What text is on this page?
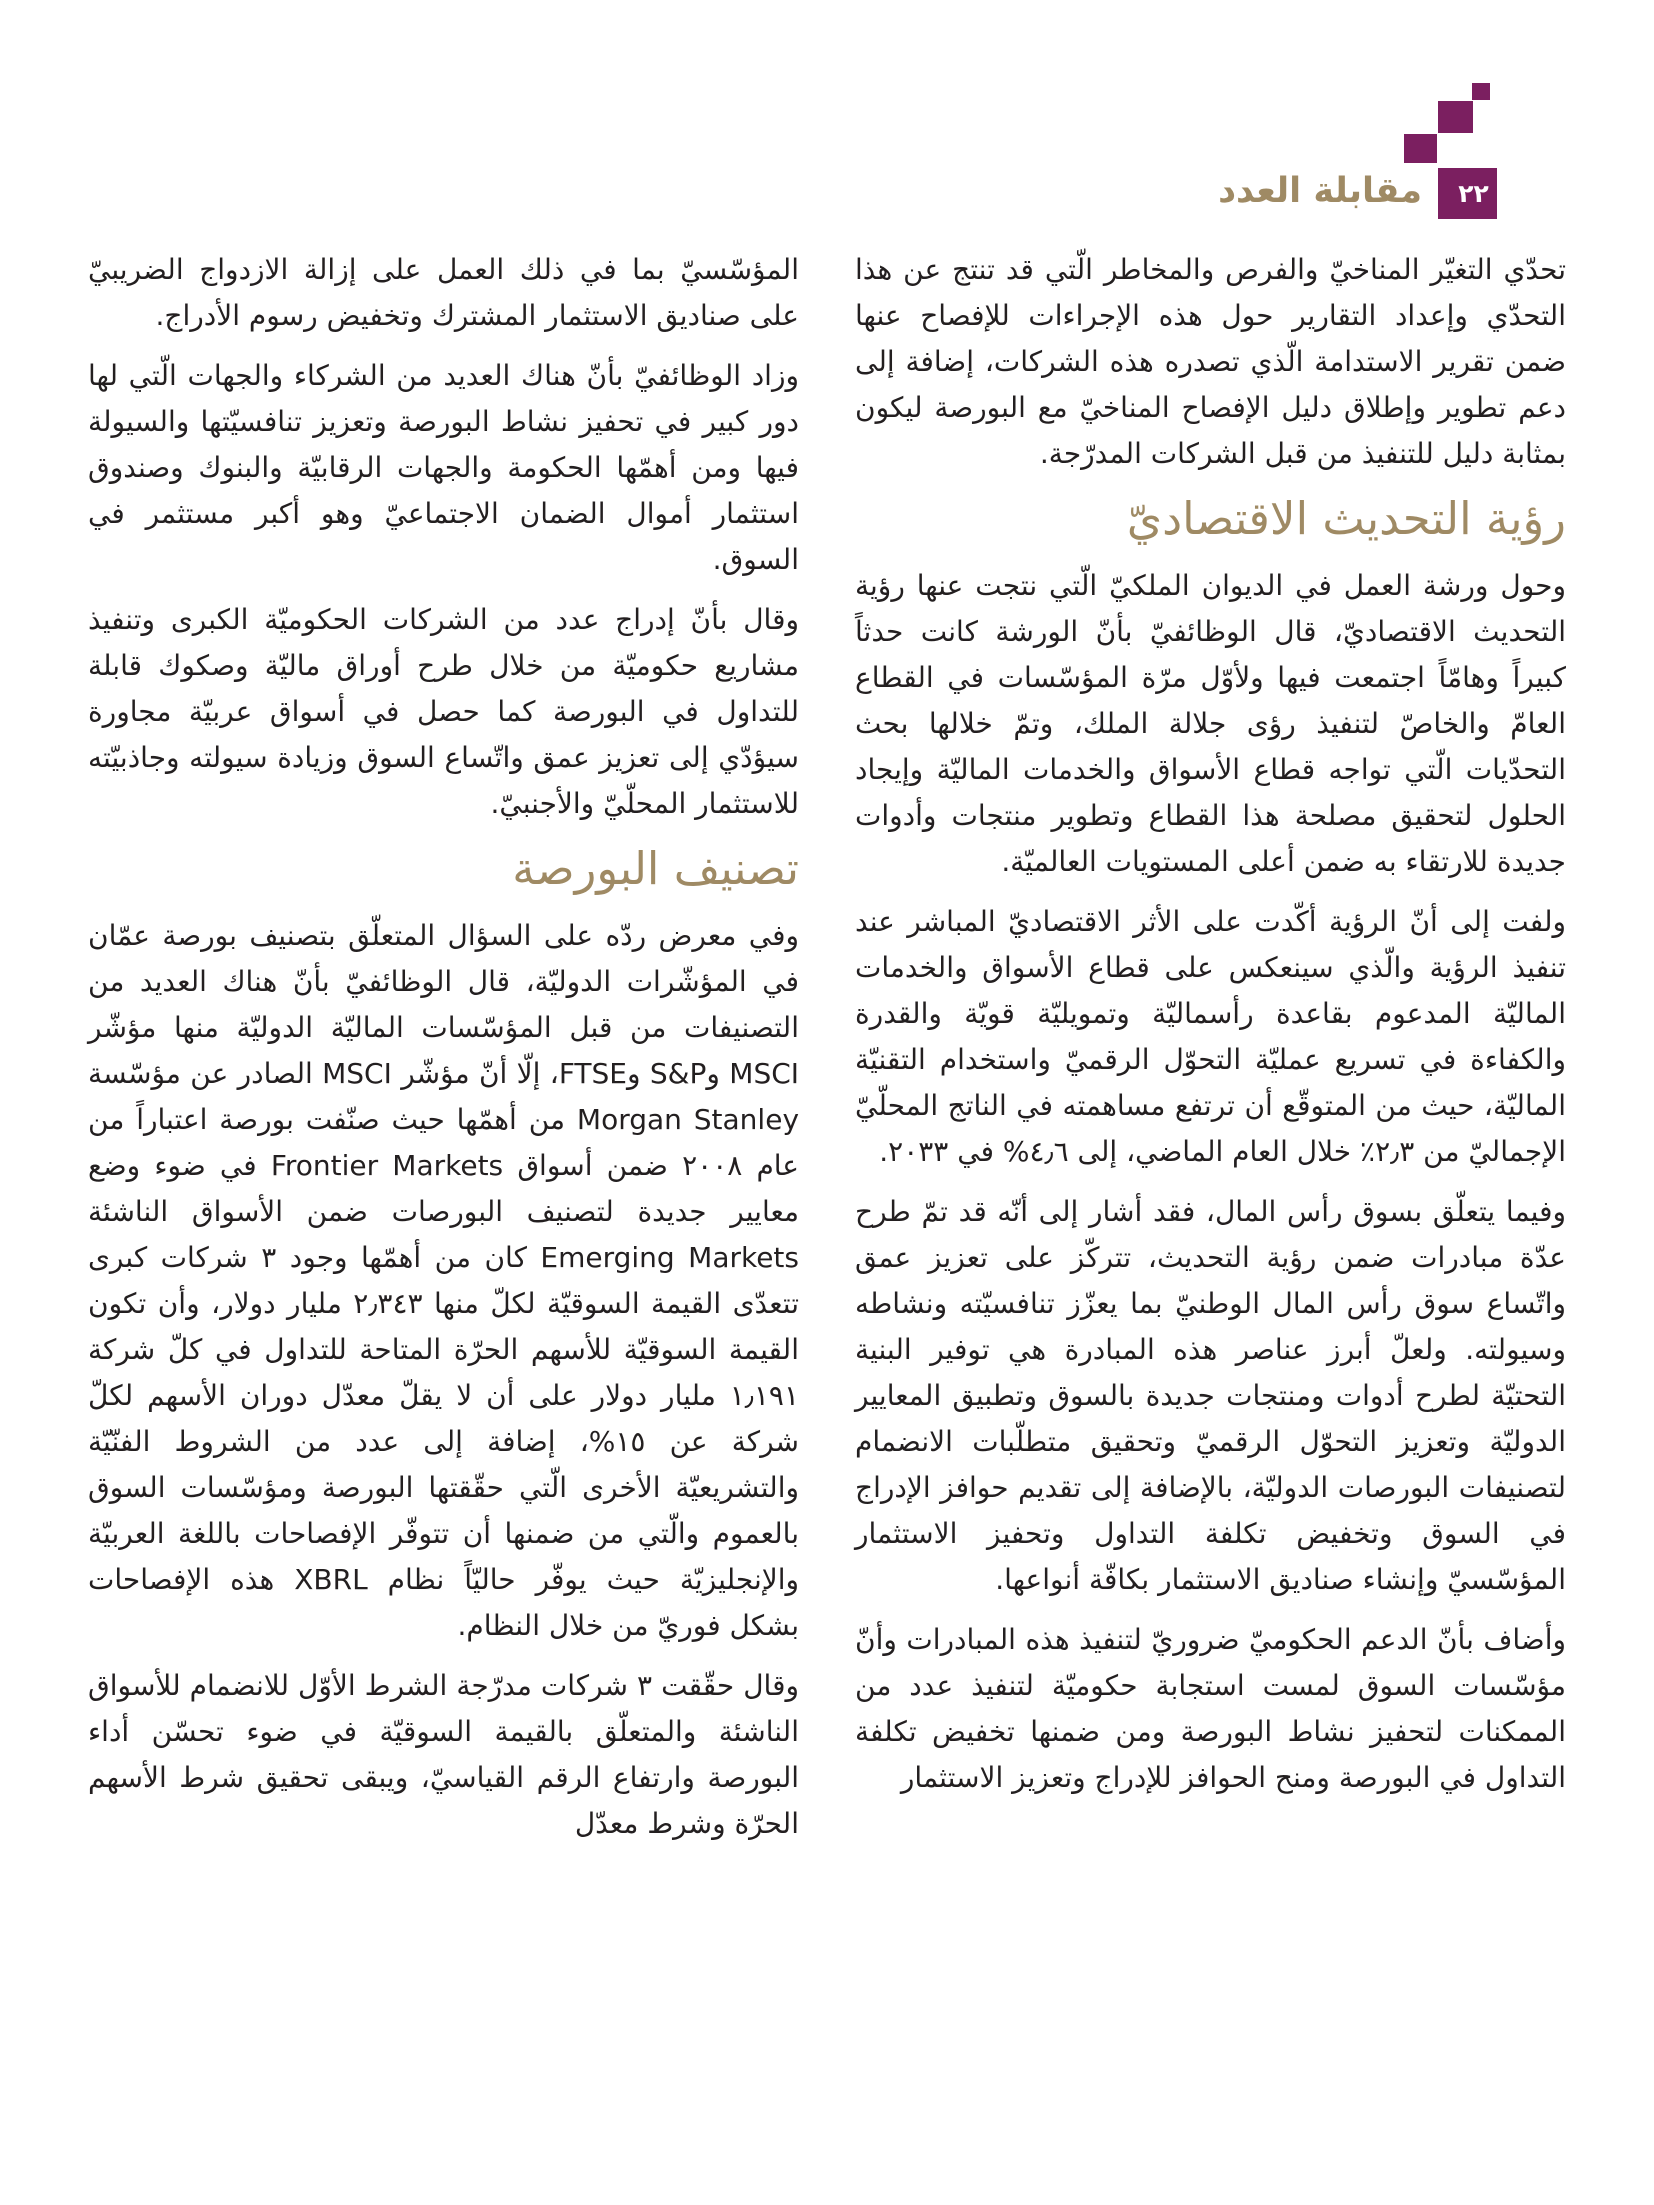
٢٢
مقابلة العدد

تحدّي التغيّر المناخيّ والفرص والمخاطر الّتي قد تنتج عن هذا التحدّي وإعداد التقارير حول هذه الإجراءات للإفصاح عنها ضمن تقرير الاستدامة الّذي تصدره هذه الشركات، إضافة إلى دعم تطوير وإطلاق دليل الإفصاح المناخيّ مع البورصة ليكون بمثابة دليل للتنفيذ من قبل الشركات المدرّجة.

رؤية التحديث الاقتصاديّ

وحول ورشة العمل في الديوان الملكيّ الّتي نتجت عنها رؤية التحديث الاقتصاديّ، قال الوظائفيّ بأنّ الورشة كانت حدثاً كبيراً وهامّاً اجتمعت فيها ولأوّل مرّة المؤسّسات في القطاع العامّ والخاصّ لتنفيذ رؤى جلالة الملك، وتمّ خلالها بحث التحدّيات الّتي تواجه قطاع الأسواق والخدمات الماليّة وإيجاد الحلول لتحقيق مصلحة هذا القطاع وتطوير منتجات وأدوات جديدة للارتقاء به ضمن أعلى المستويات العالميّة.

ولفت إلى أنّ الرؤية أكّدت على الأثر الاقتصاديّ المباشر عند تنفيذ الرؤية والّذي سينعكس على قطاع الأسواق والخدمات الماليّة المدعوم بقاعدة رأسماليّة وتمويليّة قويّة والقدرة والكفاءة في تسريع عمليّة التحوّل الرقميّ واستخدام التقنيّة الماليّة، حيث من المتوقّع أن ترتفع مساهمته في الناتج المحلّيّ الإجماليّ من ٢٫٣٪ خلال العام الماضي، إلى ٤٫٦% في ٢٠٣٣.

وفيما يتعلّق بسوق رأس المال، فقد أشار إلى أنّه قد تمّ طرح عدّة مبادرات ضمن رؤية التحديث، تتركّز على تعزيز عمق واتّساع سوق رأس المال الوطنيّ بما يعزّز تنافسيّته ونشاطه وسيولته. ولعلّ أبرز عناصر هذه المبادرة هي توفير البنية التحتيّة لطرح أدوات ومنتجات جديدة بالسوق وتطبيق المعايير الدوليّة وتعزيز التحوّل الرقميّ وتحقيق متطلّبات الانضمام لتصنيفات البورصات الدوليّة، بالإضافة إلى تقديم حوافز الإدراج في السوق وتخفيض تكلفة التداول وتحفيز الاستثمار المؤسّسيّ وإنشاء صناديق الاستثمار بكافّة أنواعها.

وأضاف بأنّ الدعم الحكوميّ ضروريّ لتنفيذ هذه المبادرات وأنّ مؤسّسات السوق لمست استجابة حكوميّة لتنفيذ عدد من الممكنات لتحفيز نشاط البورصة ومن ضمنها تخفيض تكلفة التداول في البورصة ومنح الحوافز للإدراج وتعزيز الاستثمار

المؤسّسيّ بما في ذلك العمل على إزالة الازدواج الضريبيّ على صناديق الاستثمار المشترك وتخفيض رسوم الأدراج.

وزاد الوظائفيّ بأنّ هناك العديد من الشركاء والجهات الّتي لها دور كبير في تحفيز نشاط البورصة وتعزيز تنافسيّتها والسيولة فيها ومن أهمّها الحكومة والجهات الرقابيّة والبنوك وصندوق استثمار أموال الضمان الاجتماعيّ وهو أكبر مستثمر في السوق.

وقال بأنّ إدراج عدد من الشركات الحكوميّة الكبرى وتنفيذ مشاريع حكوميّة من خلال طرح أوراق ماليّة وصكوك قابلة للتداول في البورصة كما حصل في أسواق عربيّة مجاورة سيؤدّي إلى تعزيز عمق واتّساع السوق وزيادة سيولته وجاذبيّته للاستثمار المحلّيّ والأجنبيّ.

تصنيف البورصة

وفي معرض ردّه على السؤال المتعلّق بتصنيف بورصة عمّان في المؤشّرات الدوليّة، قال الوظائفيّ بأنّ هناك العديد من التصنيفات من قبل المؤسّسات الماليّة الدوليّة منها مؤشّر MSCI وS&P وFTSE، إلّا أنّ مؤشّر MSCI الصادر عن مؤسّسة Morgan Stanley من أهمّها حيث صنّفت بورصة اعتباراً من عام ٢٠٠٨ ضمن أسواق Frontier Markets في ضوء وضع معايير جديدة لتصنيف البورصات ضمن الأسواق الناشئة Emerging Markets كان من أهمّها وجود ٣ شركات كبرى تتعدّى القيمة السوقيّة لكلّ منها ٢٫٣٤٣ مليار دولار، وأن تكون القيمة السوقيّة للأسهم الحرّة المتاحة للتداول في كلّ شركة ١٫١٩١ مليار دولار على أن لا يقلّ معدّل دوران الأسهم لكلّ شركة عن ١٥%، إضافة إلى عدد من الشروط الفنّيّة والتشريعيّة الأخرى الّتي حقّقتها البورصة ومؤسّسات السوق بالعموم والّتي من ضمنها أن تتوفّر الإفصاحات باللغة العربيّة والإنجليزيّة حيث يوفّر حاليّاً نظام XBRL هذه الإفصاحات بشكل فوريّ من خلال النظام.

وقال حقّقت ٣ شركات مدرّجة الشرط الأوّل للانضمام للأسواق الناشئة والمتعلّق بالقيمة السوقيّة في ضوء تحسّن أداء البورصة وارتفاع الرقم القياسيّ، ويبقى تحقيق شرط الأسهم الحرّة وشرط معدّل
